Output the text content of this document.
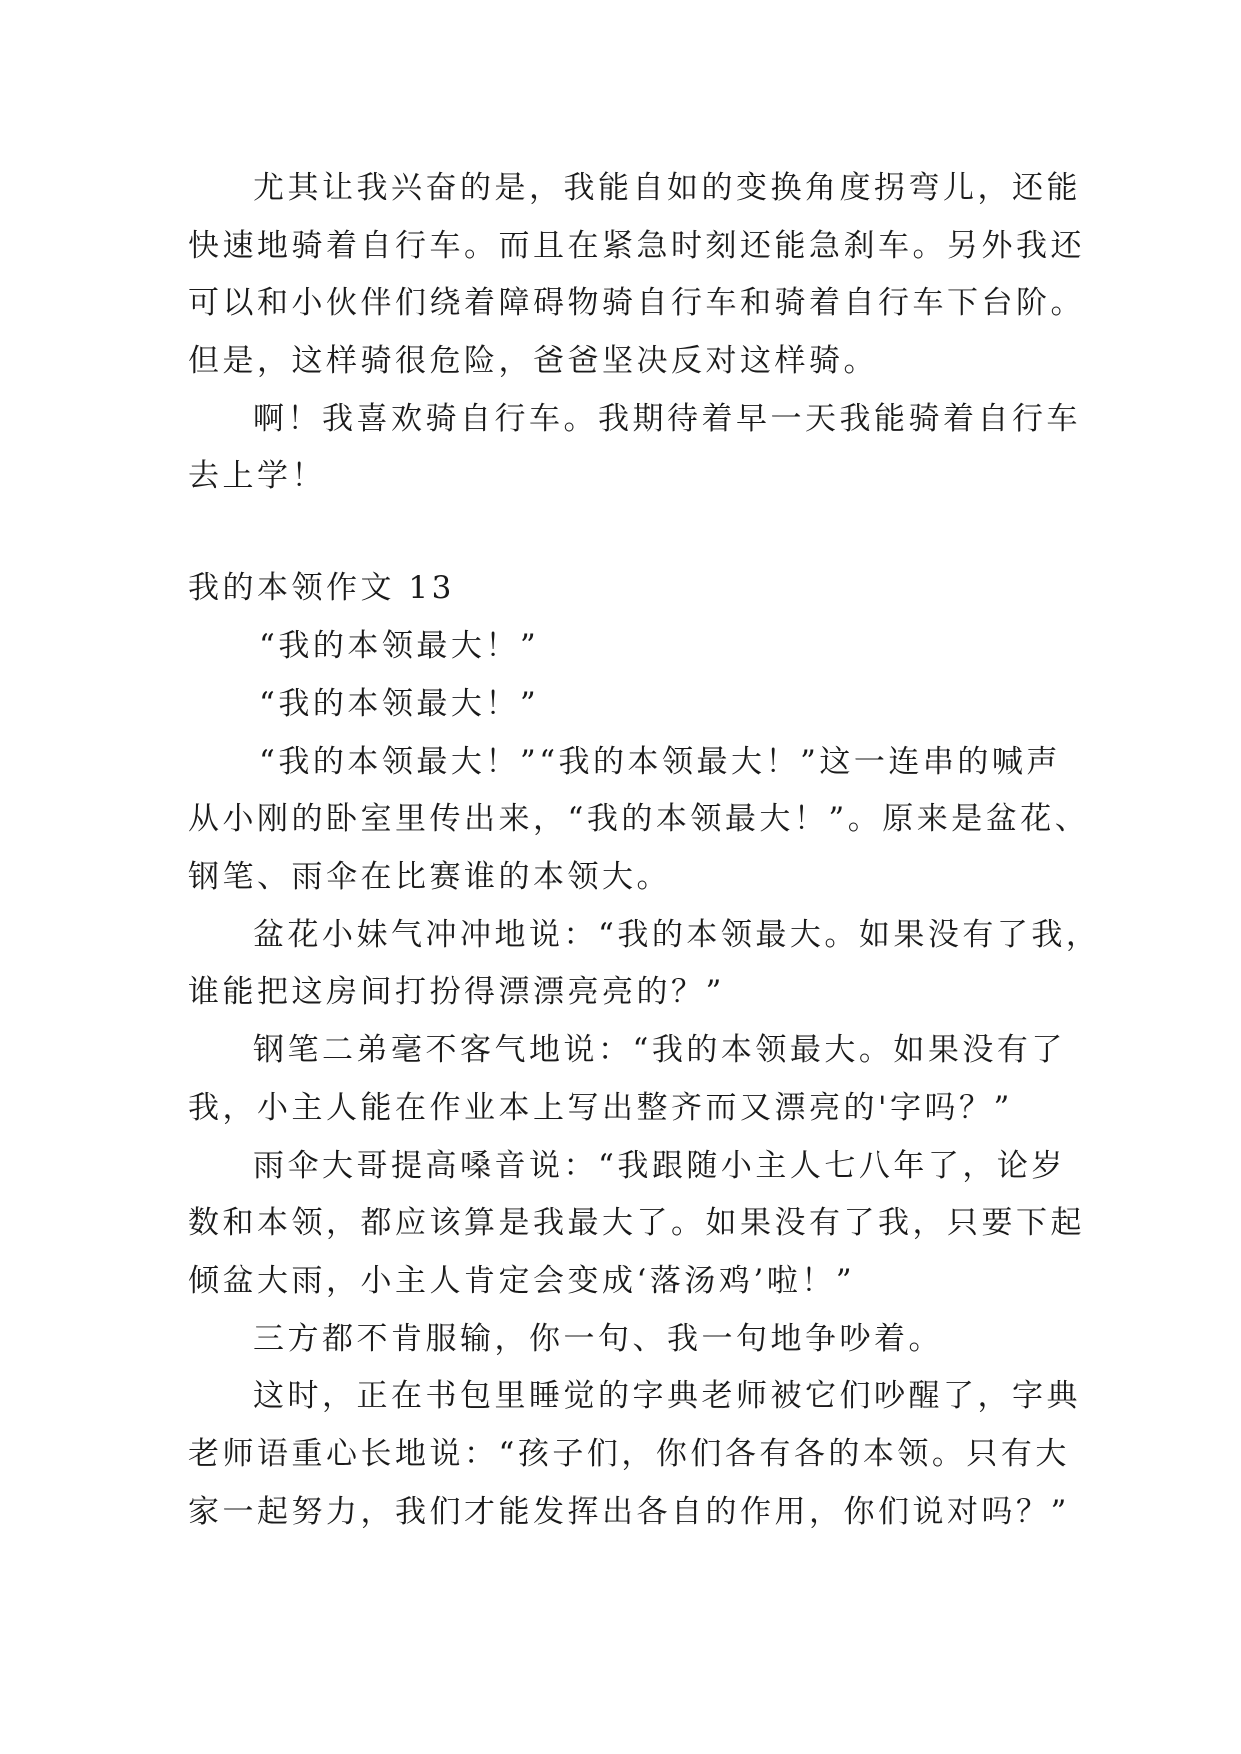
尤其让我兴奋的是，我能自如的变换角度拐弯儿，还能
快速地骑着自行车。而且在紧急时刻还能急刹车。另外我还
可以和小伙伴们绕着障碍物骑自行车和骑着自行车下台阶。
但是，这样骑很危险，爸爸坚决反对这样骑。
啊！我喜欢骑自行车。我期待着早一天我能骑着自行车
去上学！
我的本领作文 13
“我的本领最大！”
“我的本领最大！”
“我的本领最大！”“我的本领最大！”这一连串的喊声
从小刚的卧室里传出来，“我的本领最大！”。原来是盆花、
钢笔、雨伞在比赛谁的本领大。
盆花小妹气冲冲地说：“我的本领最大。如果没有了我，
谁能把这房间打扮得漂漂亮亮的？”
钢笔二弟毫不客气地说：“我的本领最大。如果没有了
我，小主人能在作业本上写出整齐而又漂亮的'字吗？”
雨伞大哥提高嗓音说：“我跟随小主人七八年了，论岁
数和本领，都应该算是我最大了。如果没有了我，只要下起
倾盆大雨，小主人肯定会变成‘落汤鸡’啦！”
三方都不肯服输，你一句、我一句地争吵着。
这时，正在书包里睡觉的字典老师被它们吵醒了，字典
老师语重心长地说：“孩子们，你们各有各的本领。只有大
家一起努力，我们才能发挥出各自的作用，你们说对吗？”
